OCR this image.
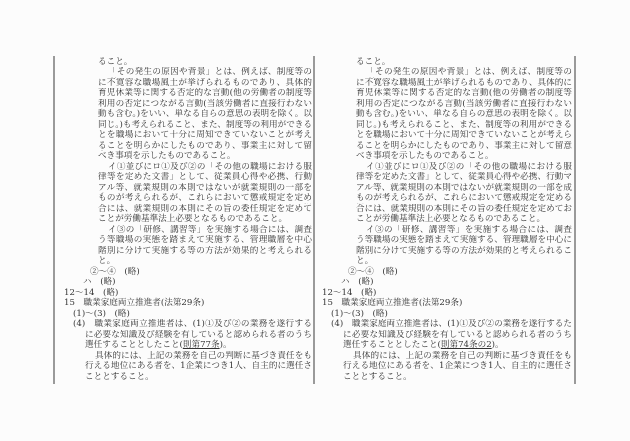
ること。
「その発生の原因や背景」とは、例えば、制度等の
に不寛容な職場風土が挙げられるものであり、具体的
育児休業等に関する否定的な言動(他の労働者の制度等
利用の否定につながる言動(当該労働者に直接行わない
動も含む。)をいい、単なる自らの意思の表明を除く。以
同じ。)も考えられること、また、制度等の利用ができる
とを職場において十分に周知できていないことが考え
ることを明らかにしたものであり、事業主に対して留
べき事項を示したものであること。
イ①並びにロ①及び②の「その他の職場における服
律等を定めた文書」として、従業員心得や必携、行動
アル等、就業規則の本則ではないが就業規則の一部を
ものが考えられるが、これらにおいて懲戒規定を定め
合には、就業規則の本則にその旨の委任規定を定めて
ことが労働基準法上必要となるものであること。
イ③の「研修、講習等」を実施する場合には、調査
う等職場の実態を踏まえて実施する、管理職層を中心
階別に分けて実施する等の方法が効果的と考えられる
と。
②〜④　(略)
ハ　(略)
12〜14　(略)
15　職業家庭両立推進者(法第29条)
(1)〜(3)　(略)
(4)　職業家庭両立推進者は、(1)①及び②の業務を遂行する
に必要な知識及び経験を有していると認められる者のうち
選任することとしたこと(則第77条)。
具体的には、上記の業務を自己の判断に基づき責任をも
行える地位にある者を、1企業につき1人、自主的に選任さ
こととすること。
ること。
「その発生の原因や背景」とは、例えば、制度等の
に不寛容な職場風土が挙げられるものであり、具体的に
育児休業等に関する否定的な言動(他の労働者の制度等
利用の否定につながる言動(当該労働者に直接行わない
動も含む。)をいい、単なる自らの意思の表明を除く。以
同じ。)も考えられること、また、制度等の利用ができる
とを職場において十分に周知できていないことが考えら
ることを明らかにしたものであり、事業主に対して留意
べき事項を示したものであること。
イ①並びにロ①及び②の「その他の職場における服
律等を定めた文書」として、従業員心得や必携、行動マ
アル等、就業規則の本則ではないが就業規則の一部を成
ものが考えられるが、これらにおいて懲戒規定を定める
合には、就業規則の本則にその旨の委任規定を定めてお
ことが労働基準法上必要となるものであること。
イ③の「研修、講習等」を実施する場合には、調査
う等職場の実態を踏まえて実施する、管理職層を中心に
階別に分けて実施する等の方法が効果的と考えられるこ
と。
②〜④　(略)
ハ　(略)
12〜14　(略)
15　職業家庭両立推進者(法第29条)
(1)〜(3)　(略)
(4)　職業家庭両立推進者は、(1)①及び②の業務を遂行するた
に必要な知識及び経験を有していると認められる者のうち
選任することとしたこと(則第74条の2)。
具体的には、上記の業務を自己の判断に基づき責任をも
行える地位にある者を、1企業につき1人、自主的に選任さ
こととすること。
